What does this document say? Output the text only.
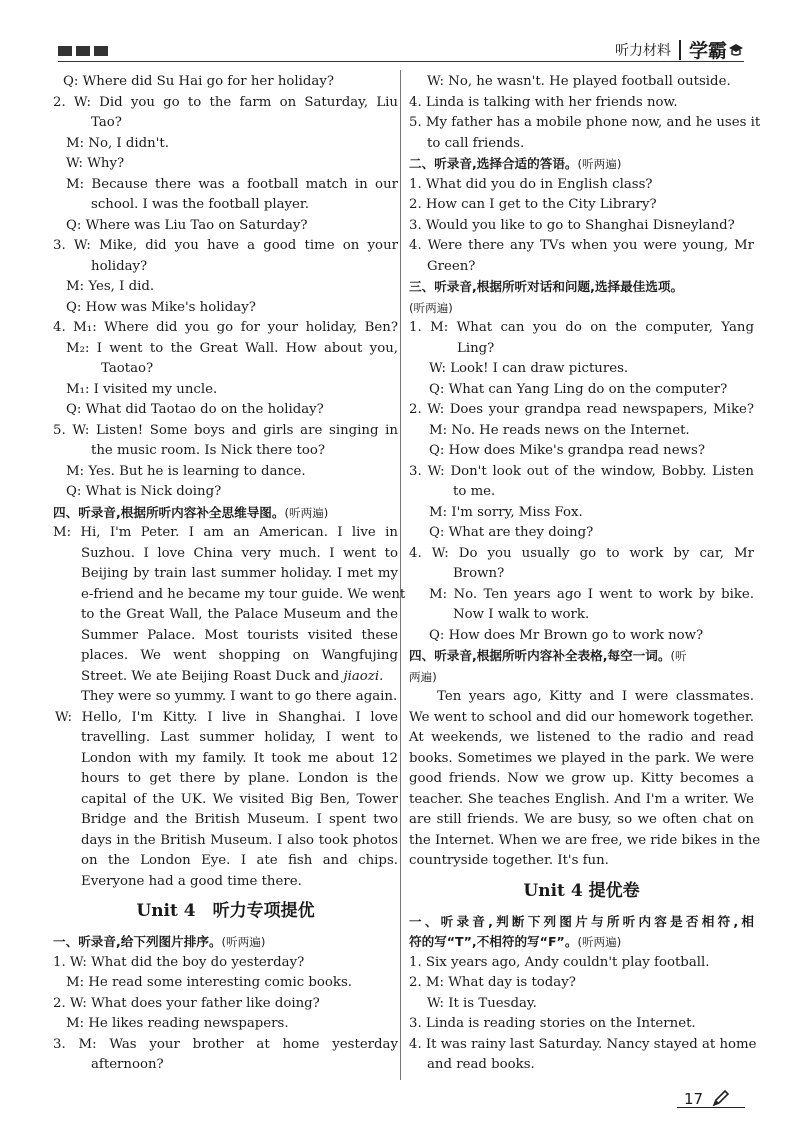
听力材料 学霸
Q: Where did Su Hai go for her holiday?
2. W: Did you go to the farm on Saturday, Liu
Tao?
M: No, I didn't.
W: Why?
M: Because there was a football match in our
school. I was the football player.
Q: Where was Liu Tao on Saturday?
3. W: Mike, did you have a good time on your
holiday?
M: Yes, I did.
Q: How was Mike's holiday?
4. M₁: Where did you go for your holiday, Ben?
M₂: I went to the Great Wall. How about you,
Taotao?
M₁: I visited my uncle.
Q: What did Taotao do on the holiday?
5. W: Listen! Some boys and girls are singing in
the music room. Is Nick there too?
M: Yes. But he is learning to dance.
Q: What is Nick doing?
四、听录音,根据所听内容补全思维导图。(听两遍)
M: Hi, I'm Peter. I am an American. I live in
Suzhou. I love China very much. I went to
Beijing by train last summer holiday. I met my
e-friend and he became my tour guide. We went
to the Great Wall, the Palace Museum and the
Summer Palace. Most tourists visited these
places. We went shopping on Wangfujing
Street. We ate Beijing Roast Duck and jiaozi.
They were so yummy. I want to go there again.
W: Hello, I'm Kitty. I live in Shanghai. I love
travelling. Last summer holiday, I went to
London with my family. It took me about 12
hours to get there by plane. London is the
capital of the UK. We visited Big Ben, Tower
Bridge and the British Museum. I spent two
days in the British Museum. I also took photos
on the London Eye. I ate fish and chips.
Everyone had a good time there.
Unit 4　听力专项提优
一、听录音,给下列图片排序。(听两遍)
1. W: What did the boy do yesterday?
M: He read some interesting comic books.
2. W: What does your father like doing?
M: He likes reading newspapers.
3. M: Was your brother at home yesterday
afternoon?
W: No, he wasn't. He played football outside.
4. Linda is talking with her friends now.
5. My father has a mobile phone now, and he uses it
to call friends.
二、听录音,选择合适的答语。(听两遍)
1. What did you do in English class?
2. How can I get to the City Library?
3. Would you like to go to Shanghai Disneyland?
4. Were there any TVs when you were young, Mr
Green?
三、听录音,根据所听对话和问题,选择最佳选项。
(听两遍)
1. M: What can you do on the computer, Yang
Ling?
W: Look! I can draw pictures.
Q: What can Yang Ling do on the computer?
2. W: Does your grandpa read newspapers, Mike?
M: No. He reads news on the Internet.
Q: How does Mike's grandpa read news?
3. W: Don't look out of the window, Bobby. Listen
to me.
M: I'm sorry, Miss Fox.
Q: What are they doing?
4. W: Do you usually go to work by car, Mr
Brown?
M: No. Ten years ago I went to work by bike.
Now I walk to work.
Q: How does Mr Brown go to work now?
四、听录音,根据所听内容补全表格,每空一词。(听
两遍)
Ten years ago, Kitty and I were classmates.
We went to school and did our homework together.
At weekends, we listened to the radio and read
books. Sometimes we played in the park. We were
good friends. Now we grow up. Kitty becomes a
teacher. She teaches English. And I'm a writer. We
are still friends. We are busy, so we often chat on
the Internet. When we are free, we ride bikes in the
countryside together. It's fun.
Unit 4 提优卷
一、听录音,判断下列图片与所听内容是否相符,相
符的写“T”,不相符的写“F”。(听两遍)
1. Six years ago, Andy couldn't play football.
2. M: What day is today?
W: It is Tuesday.
3. Linda is reading stories on the Internet.
4. It was rainy last Saturday. Nancy stayed at home
and read books.
17
